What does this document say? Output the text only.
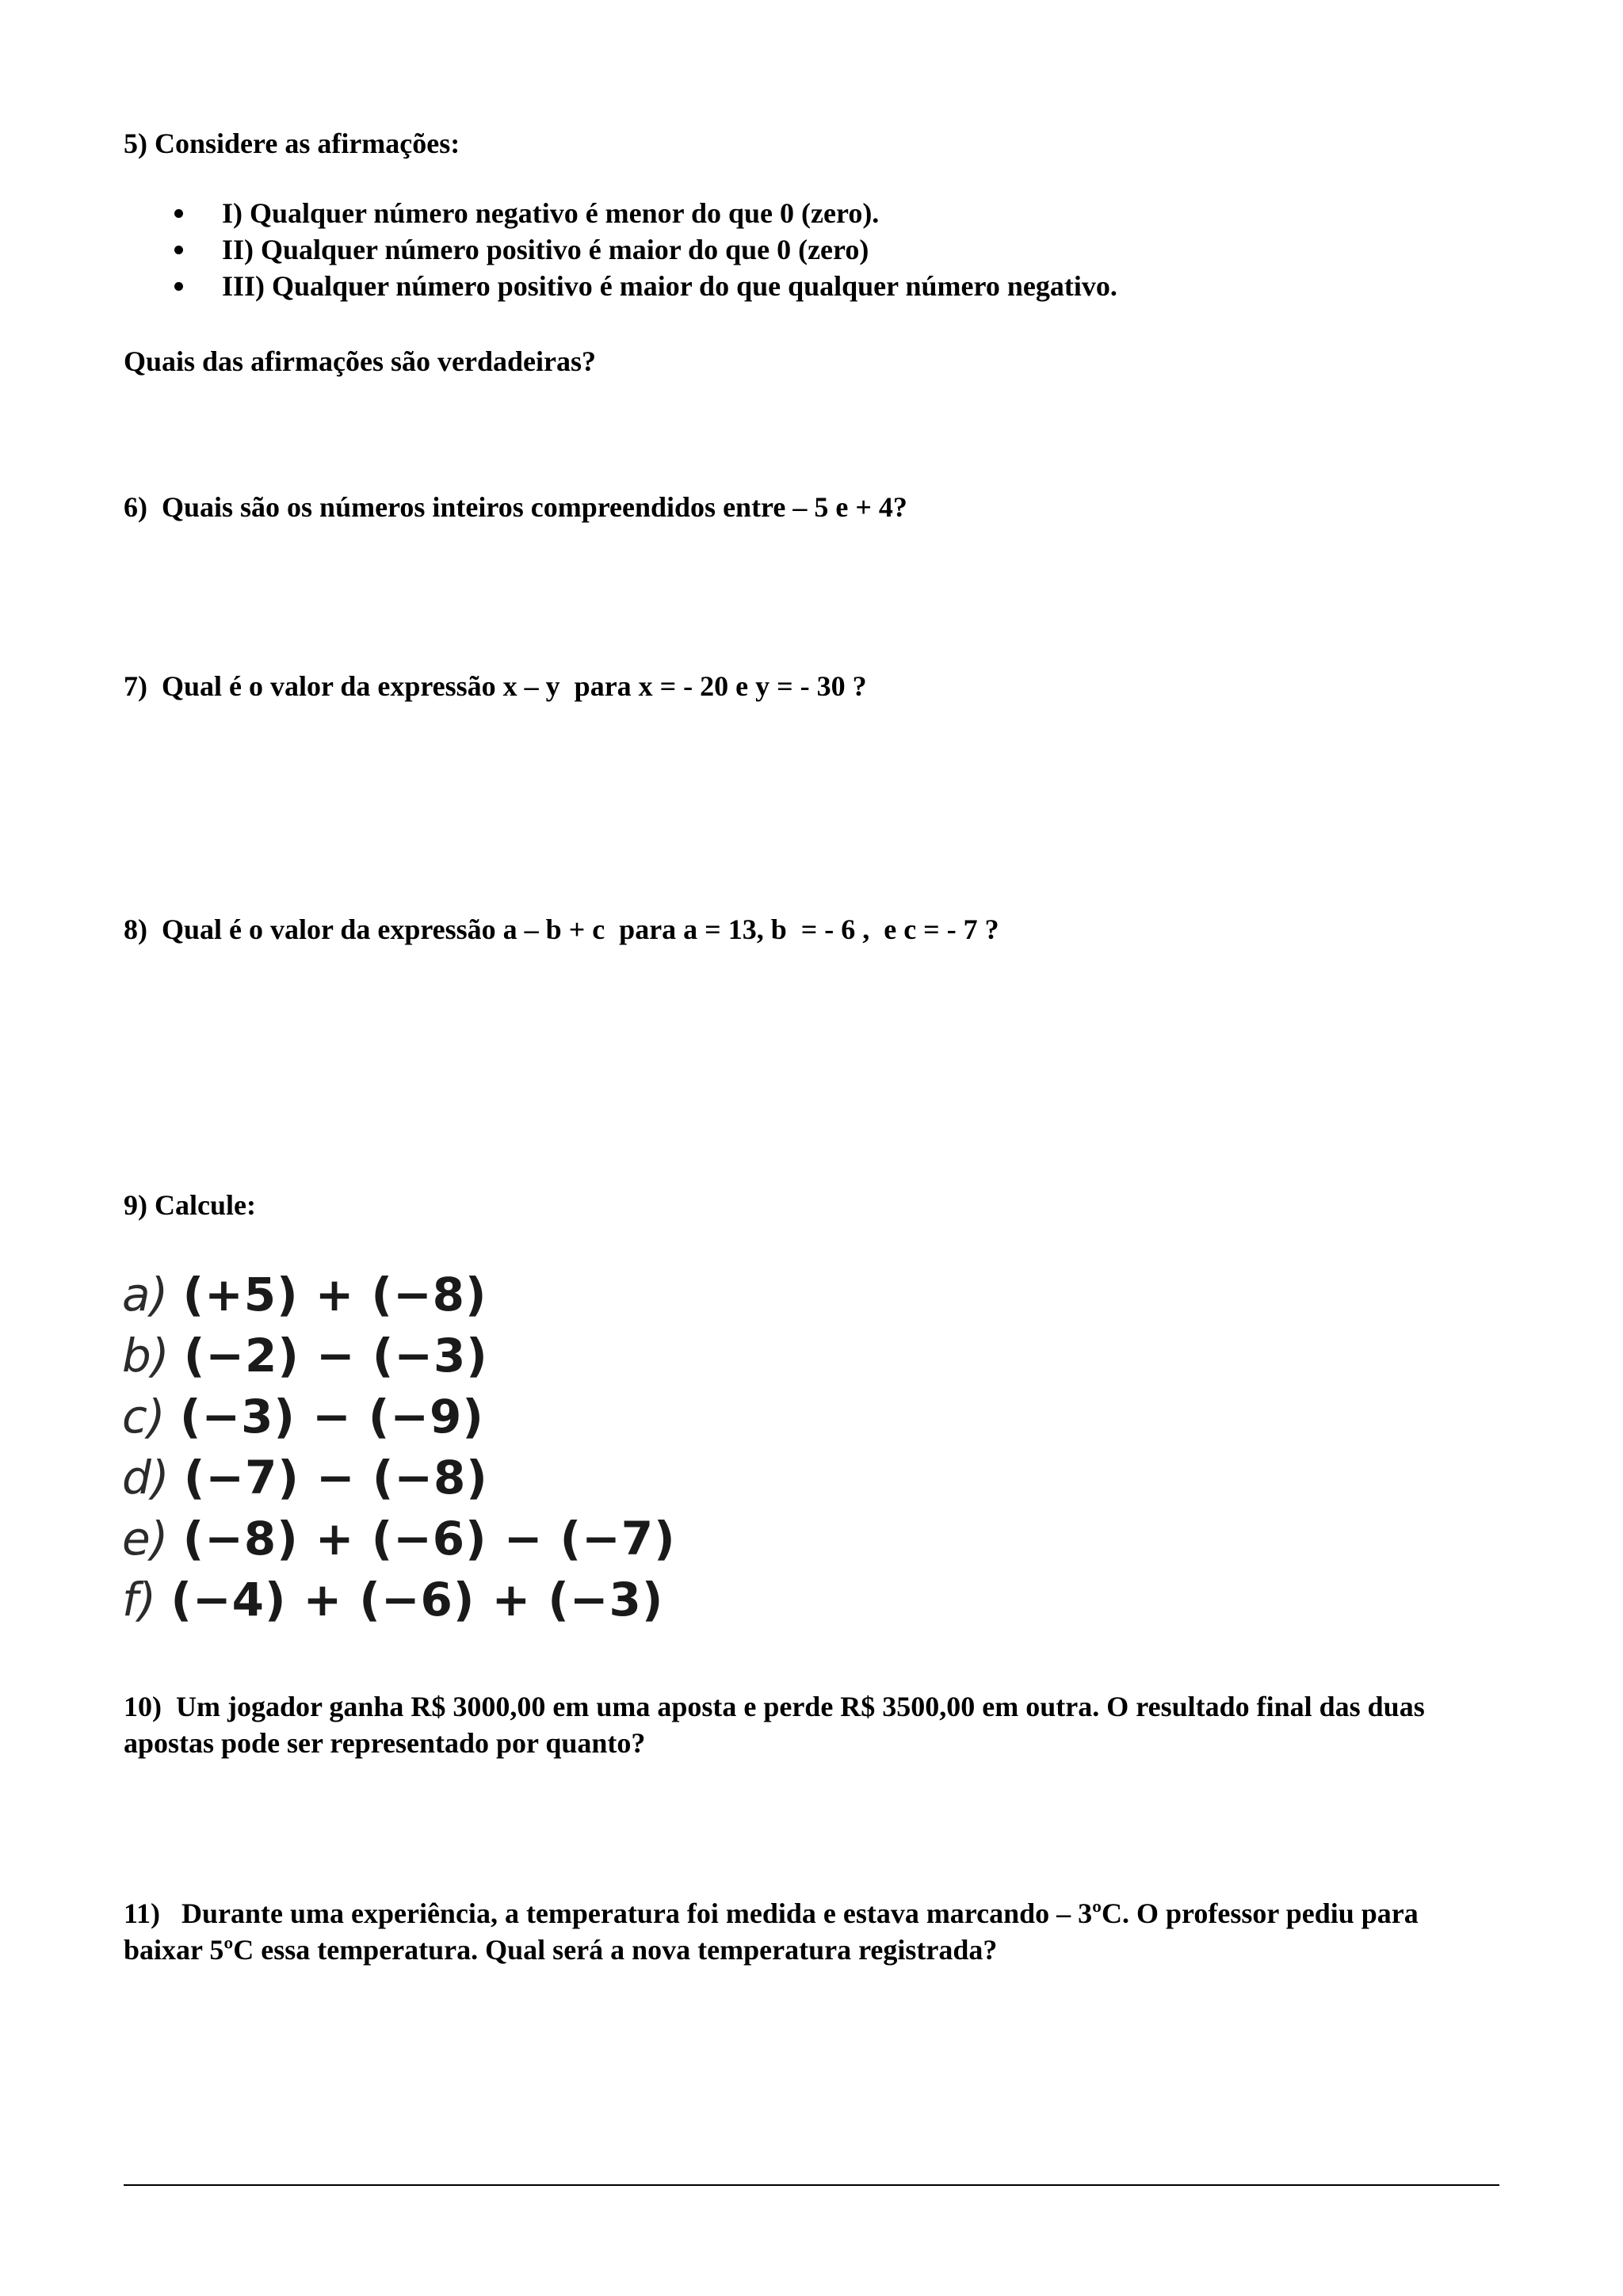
5) Considere as afirmações:

I) Qualquer número negativo é menor do que 0 (zero).
II) Qualquer número positivo é maior do que 0 (zero)
III) Qualquer número positivo é maior do que qualquer número negativo.

Quais das afirmações são verdadeiras?

6)  Quais são os números inteiros compreendidos entre – 5 e + 4?

7)  Qual é o valor da expressão x – y  para x = - 20 e y = - 30 ?

8)  Qual é o valor da expressão a – b + c  para a = 13, b  = - 6 ,  e c = - 7 ?

9) Calcule:

a) (+5) + (−8)
b) (−2) − (−3)
c) (−3) − (−9)
d) (−7) − (−8)
e) (−8) + (−6) − (−7)
f) (−4) + (−6) + (−3)

10)  Um jogador ganha R$ 3000,00 em uma aposta e perde R$ 3500,00 em outra. O resultado final das duas apostas pode ser representado por quanto?

11)   Durante uma experiência, a temperatura foi medida e estava marcando – 3ºC. O professor pediu para baixar 5ºC essa temperatura. Qual será a nova temperatura registrada?
